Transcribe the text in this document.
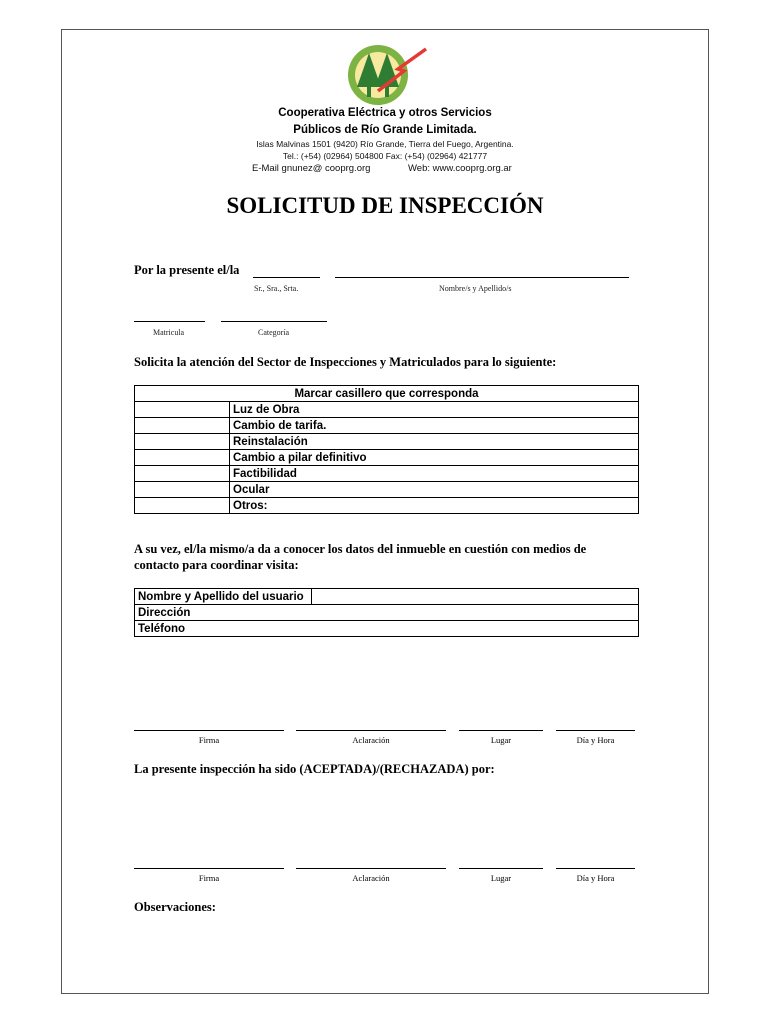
Cooperativa Eléctrica y otros Servicios
Públicos de Río Grande Limitada.
Islas Malvinas 1501 (9420) Río Grande, Tierra del Fuego, Argentina.
Tel.: (+54) (02964) 504800 Fax: (+54) (02964) 421777
E-Mail gnunez@ cooprg.org	Web: www.cooprg.org.ar
SOLICITUD DE INSPECCIÓN
Por la presente el/la
Sr., Sra., Srta.	Nombre/s y Apellido/s
Matricula	Categoría
Solicita la atención del Sector de Inspecciones y Matriculados para lo siguiente:
Marcar casillero que corresponda	
	Luz de Obra
	Cambio de tarifa.
	Reinstalación
	Cambio a pilar definitivo
	Factibilidad
	Ocular
	Otros:
A su vez, el/la mismo/a da a conocer los datos del inmueble en cuestión con medios de
contacto para coordinar visita:
Nombre y Apellido del usuario	
Dirección
Teléfono
Firma	Aclaración	Lugar	Día y Hora
La presente inspección ha sido (ACEPTADA)/(RECHAZADA) por:
Firma	Aclaración	Lugar	Día y Hora
Observaciones:
